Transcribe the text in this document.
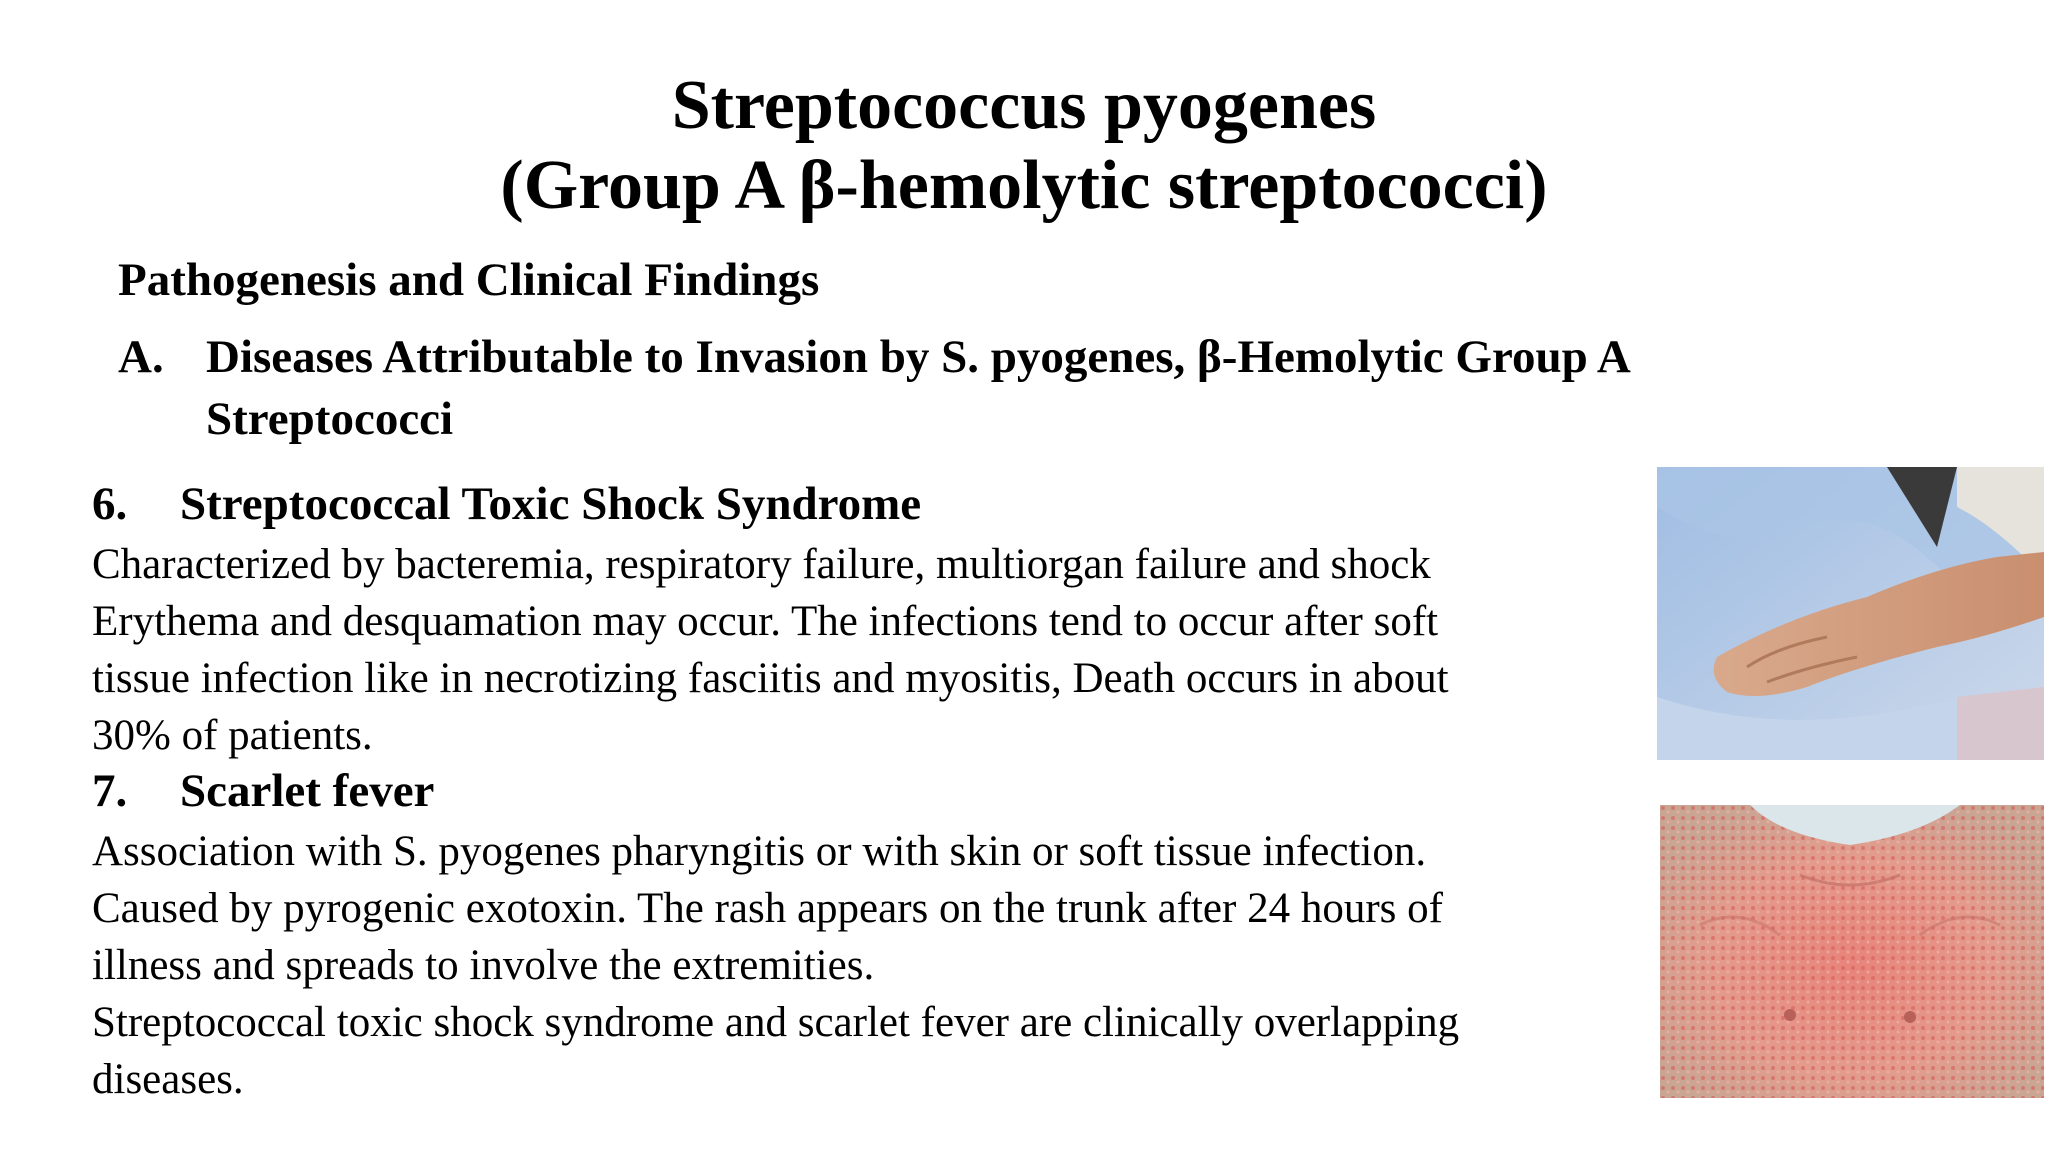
Streptococcus pyogenes
(Group A β-hemolytic streptococci)
Pathogenesis and Clinical Findings
A. Diseases Attributable to Invasion by S. pyogenes, β-Hemolytic Group A
Streptococci
6. Streptococcal Toxic Shock Syndrome
Characterized by bacteremia, respiratory failure, multiorgan failure and shock
Erythema and desquamation may occur. The infections tend to occur after soft
tissue infection like in necrotizing fasciitis and myositis, Death occurs in about
30% of patients.
7. Scarlet fever
Association with S. pyogenes pharyngitis or with skin or soft tissue infection.
Caused by pyrogenic exotoxin. The rash appears on the trunk after 24 hours of
illness and spreads to involve the extremities.
Streptococcal toxic shock syndrome and scarlet fever are clinically overlapping
diseases.
